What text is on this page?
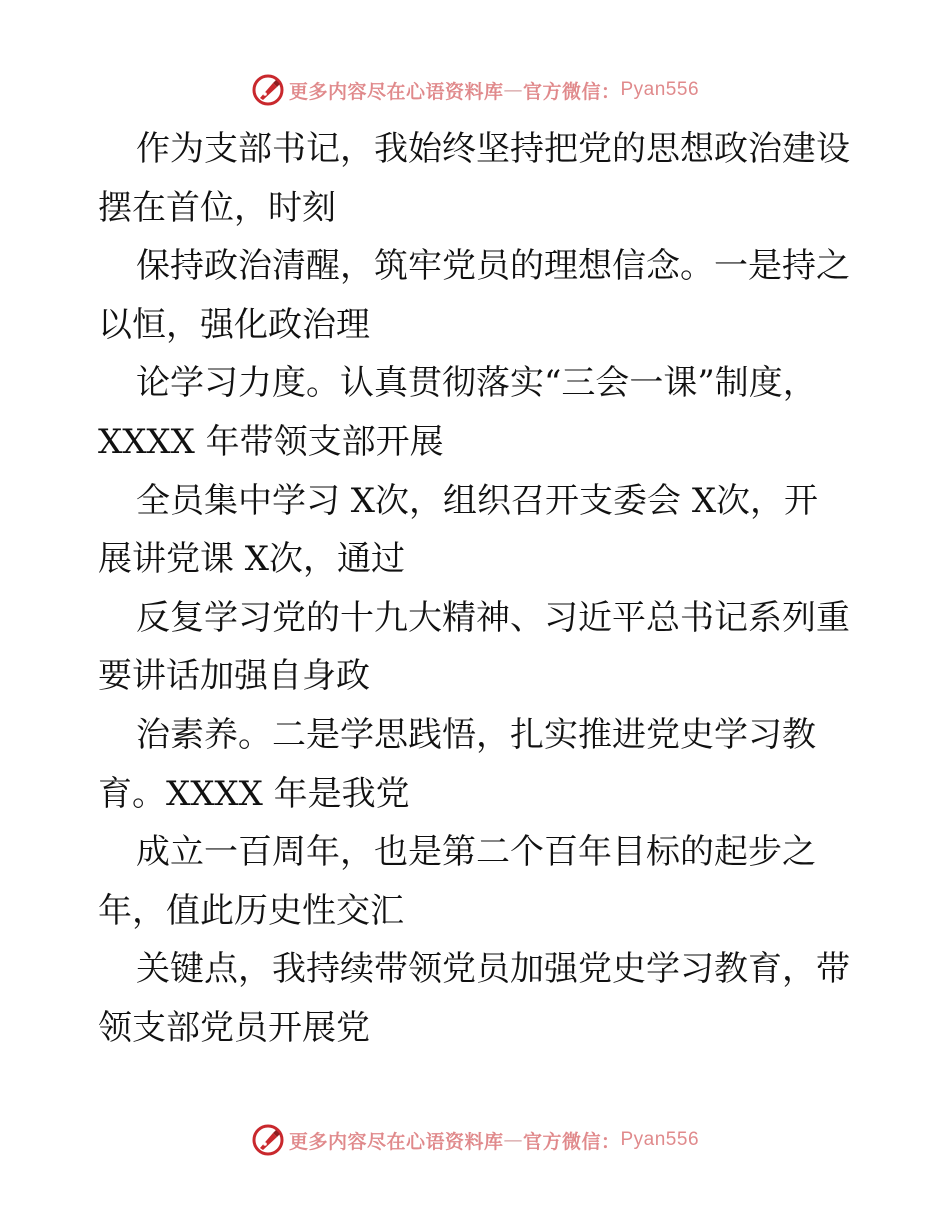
更多内容尽在心语资料库 — 官方微信： Pyan556
作为支部书记，我始终坚持把党的思想政治建设
摆在首位，时刻
保持政治清醒，筑牢党员的理想信念。一是持之
以恒，强化政治理
论学习力度。认真贯彻落实“三会一课”制度，
XXXX 年带领支部开展
全员集中学习 X次，组织召开支委会 X次，开
展讲党课 X次，通过
反复学习党的十九大精神、习近平总书记系列重
要讲话加强自身政
治素养。二是学思践悟，扎实推进党史学习教
育。XXXX 年是我党
成立一百周年，也是第二个百年目标的起步之
年，值此历史性交汇
关键点，我持续带领党员加强党史学习教育，带
领支部党员开展党
更多内容尽在心语资料库 — 官方微信： Pyan556
